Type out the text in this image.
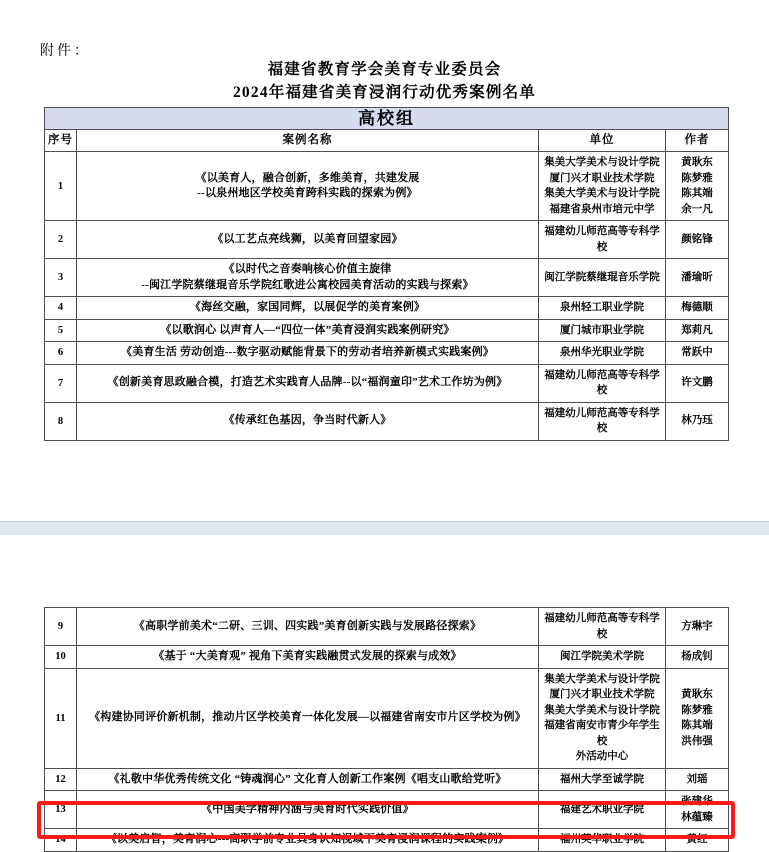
附件：
福建省教育学会美育专业委员会
2024年福建省美育浸润行动优秀案例名单
高校组			
序号	案例名称	单位	作者
1	《以美育人，融合创新，多维美育，共建发展
--以泉州地区学校美育跨科实践的探索为例》	集美大学美术与设计学院
厦门兴才职业技术学院
集美大学美术与设计学院
福建省泉州市培元中学	黄耿东
陈梦雅
陈其端
余一凡

2	《以工艺点亮线狮，以美育回望家园》	福建幼儿师范高等专科学校	颜铭锋

3	《以时代之音奏响核心价值主旋律
--闽江学院蔡继琨音乐学院红歌进公寓校园美育活动的实践与探索》	闽江学院蔡继琨音乐学院	潘瑜昕

4	《海丝交融，家国同辉，以展促学的美育案例》	泉州轻工职业学院	梅德顺

5	《以歌润心 以声育人—“四位一体”美育浸润实践案例研究》	厦门城市职业学院	郑莉凡

6	《美育生活 劳动创造---数字驱动赋能背景下的劳动者培养新模式实践案例》	泉州华光职业学院	常跃中

7	《创新美育思政融合模，打造艺术实践育人品牌--以“福润童印”艺术工作坊为例》	福建幼儿师范高等专科学校	许文鹏

8	《传承红色基因，争当时代新人》	福建幼儿师范高等专科学校	林乃珏
9	《高职学前美术“二研、三训、四实践”美育创新实践与发展路径探索》	福建幼儿师范高等专科学校	方琳宇

10	《基于 “大美育观” 视角下美育实践融贯式发展的探索与成效》	闽江学院美术学院	杨成钊

11	《构建协同评价新机制，推动片区学校美育一体化发展—以福建省南安市片区学校为例》	集美大学美术与设计学院
厦门兴才职业技术学院
集美大学美术与设计学院
福建省南安市青少年学生校
外活动中心	黄耿东
陈梦雅
陈其端
洪伟强

12	《礼敬中华优秀传统文化 “铸魂润心” 文化育人创新工作案例《唱支山歌给党听》	福州大学至诚学院	刘瑶

13	《中国美学精神内涵与美育时代实践价值》	福建艺术职业学院	张建华
林蕴臻

14	《以美启智，美育润心---高职学前专业具身认知视域下美育浸润课程的实践案例》	福州英华职业学院	黄红
